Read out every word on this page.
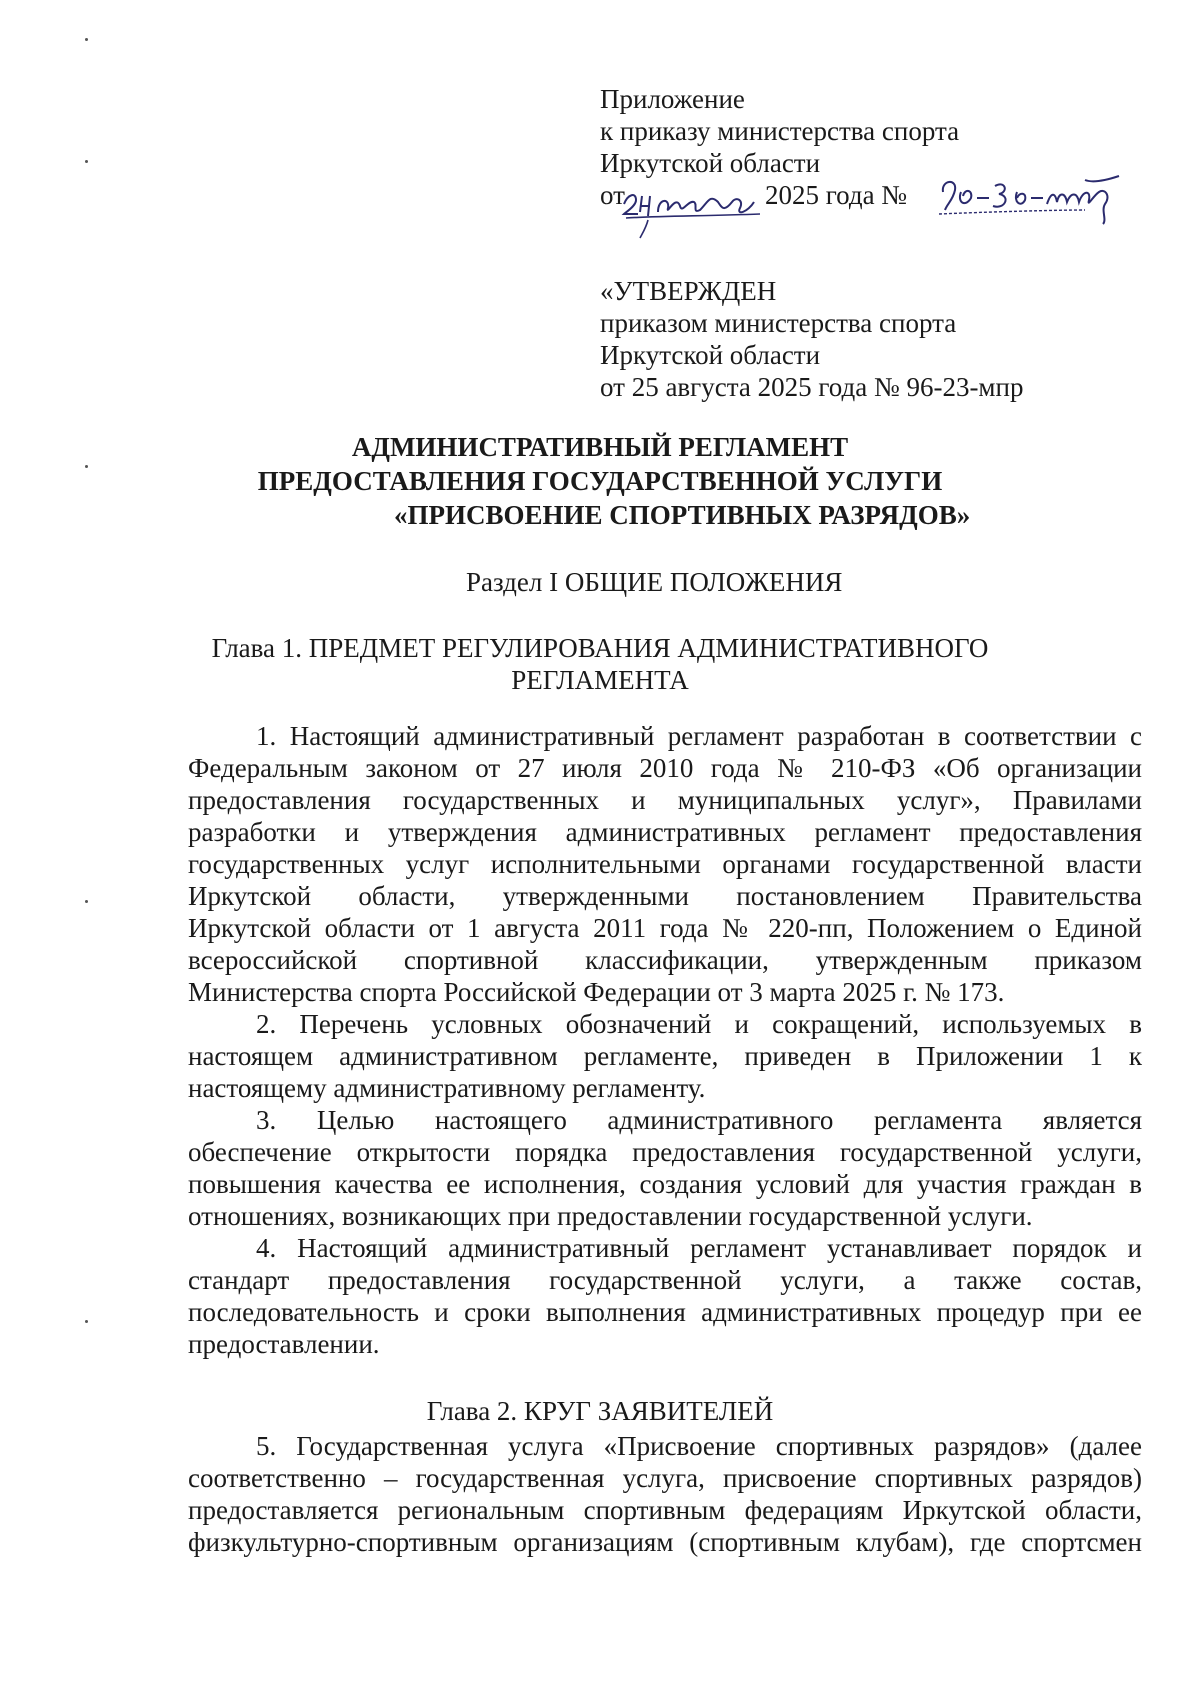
Приложение
к приказу министерства спорта
Иркутской области
от	2025 года №
«УТВЕРЖДЕН
приказом министерства спорта
Иркутской области
от 25 августа 2025 года № 96-23-мпр
АДМИНИСТРАТИВНЫЙ РЕГЛАМЕНТ
ПРЕДОСТАВЛЕНИЯ ГОСУДАРСТВЕННОЙ УСЛУГИ
«ПРИСВОЕНИЕ СПОРТИВНЫХ РАЗРЯДОВ»
Раздел I ОБЩИЕ ПОЛОЖЕНИЯ
Глава 1. ПРЕДМЕТ РЕГУЛИРОВАНИЯ АДМИНИСТРАТИВНОГО
РЕГЛАМЕНТА
1. Настоящий административный регламент разработан в соответствии с
Федеральным законом от 27 июля 2010 года № 210-ФЗ «Об организации
предоставления государственных и муниципальных услуг», Правилами
разработки и утверждения административных регламент предоставления
государственных услуг исполнительными органами государственной власти
Иркутской области, утвержденными постановлением Правительства
Иркутской области от 1 августа 2011 года № 220-пп, Положением о Единой
всероссийской спортивной классификации, утвержденным приказом
Министерства спорта Российской Федерации от 3 марта 2025 г. № 173.
2. Перечень условных обозначений и сокращений, используемых в
настоящем административном регламенте, приведен в Приложении 1 к
настоящему административному регламенту.
3. Целью настоящего административного регламента является
обеспечение открытости порядка предоставления государственной услуги,
повышения качества ее исполнения, создания условий для участия граждан в
отношениях, возникающих при предоставлении государственной услуги.
4. Настоящий административный регламент устанавливает порядок и
стандарт предоставления государственной услуги, а также состав,
последовательность и сроки выполнения административных процедур при ее
предоставлении.
Глава 2. КРУГ ЗАЯВИТЕЛЕЙ
5. Государственная услуга «Присвоение спортивных разрядов» (далее
соответственно – государственная услуга, присвоение спортивных разрядов)
предоставляется региональным спортивным федерациям Иркутской области,
физкультурно-спортивным организациям (спортивным клубам), где спортсмен
